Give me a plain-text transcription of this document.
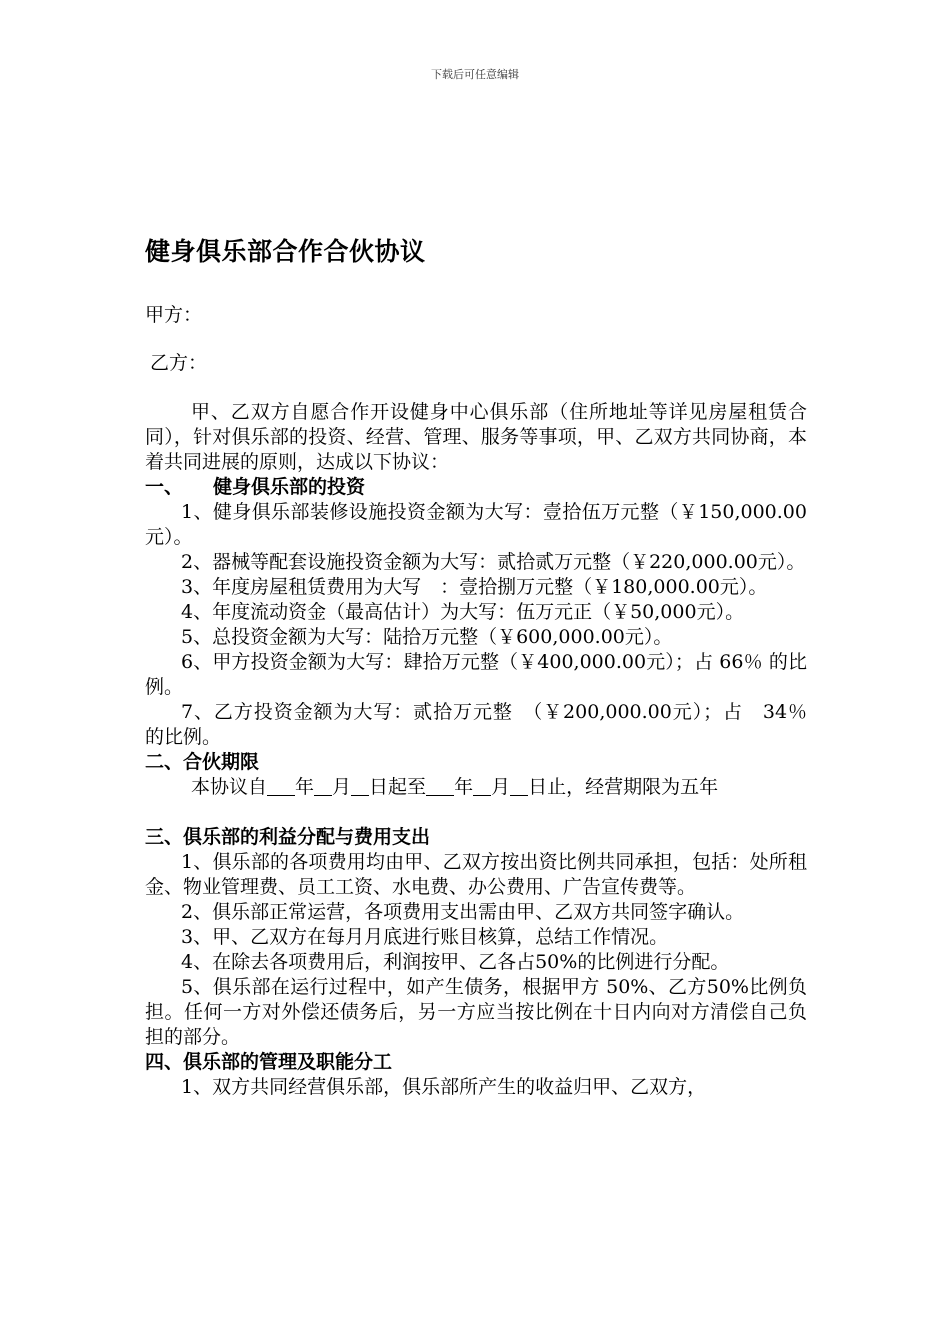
下载后可任意编辑
健身俱乐部合作合伙协议
甲方：
乙方：

甲、乙双方自愿合作开设健身中心俱乐部（住所地址等详见房屋租赁合同），针对俱乐部的投资、经营、管理、服务等事项，甲、乙双方共同协商，本着共同进展的原则，达成以下协议：

一、 健身俱乐部的投资

1、健身俱乐部装修设施投资金额为大写：壹拾伍万元整（￥150,000.00元）。

2、器械等配套设施投资金额为大写：贰拾贰万元整（￥220,000.00元）。

3、年度房屋租赁费用为大写　：壹拾捌万元整（￥180,000.00元）。

4、年度流动资金（最高估计）为大写：伍万元正（￥50,000元）。

5、总投资金额为大写：陆拾万元整（￥600,000.00元）。

6、甲方投资金额为大写：肆拾万元整（￥400,000.00元）；占 66％ 的比例。

7、乙方投资金额为大写：贰拾万元整　（￥200,000.00元）；占　34％ 的比例。

二、合伙期限

本协议自 年 月 日起至 年 月 日止，经营期限为五年

三、俱乐部的利益分配与费用支出

1、俱乐部的各项费用均由甲、乙双方按出资比例共同承担，包括：处所租金、物业管理费、员工工资、水电费、办公费用、广告宣传费等。

2、俱乐部正常运营，各项费用支出需由甲、乙双方共同签字确认。

3、甲、乙双方在每月月底进行账目核算，总结工作情况。

4、在除去各项费用后，利润按甲、乙各占50%的比例进行分配。

5、俱乐部在运行过程中，如产生债务，根据甲方 50%、乙方50%比例负担。任何一方对外偿还债务后，另一方应当按比例在十日内向对方清偿自己负担的部分。

四、俱乐部的管理及职能分工

1、双方共同经营俱乐部，俱乐部所产生的收益归甲、乙双方，
